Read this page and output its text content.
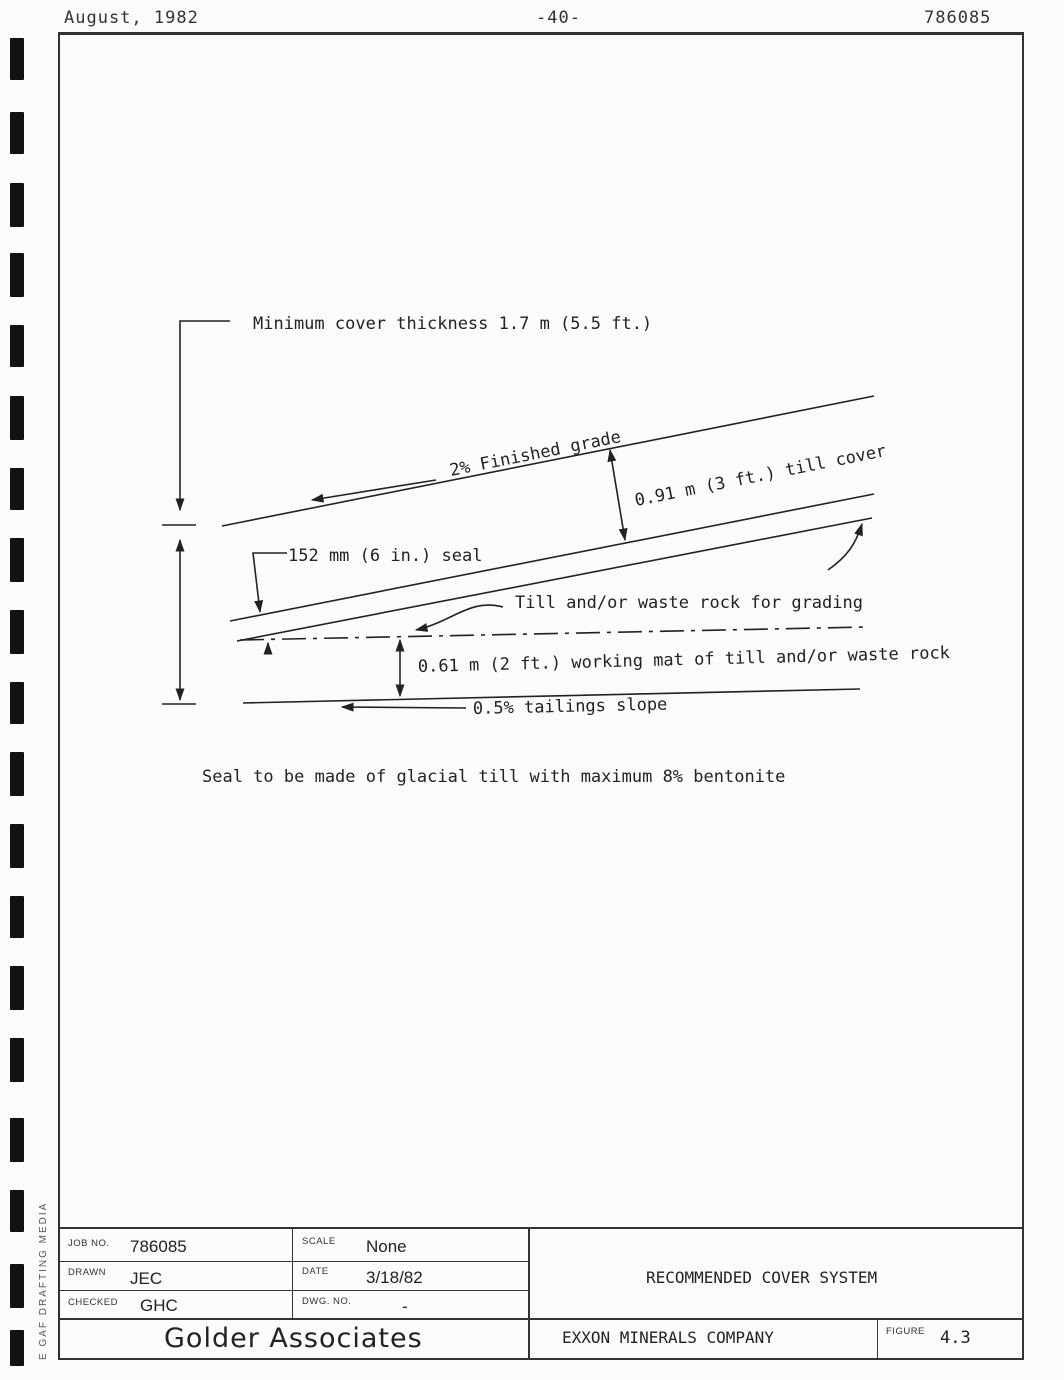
August, 1982	-40-	786085
E GAF DRAFTING MEDIA
Minimum cover thickness 1.7 m (5.5 ft.)
2% Finished grade 0.91 m (3 ft.) till cover
152 mm (6 in.) seal
Till and/or waste rock for grading
0.61 m (2 ft.) working mat of till and/or waste rock
0.5% tailings slope
Seal to be made of glacial till with maximum 8% bentonite
JOB NO. 786085	SCALE None
DRAWN JEC	DATE 3/18/82
CHECKED GHC	DWG. NO.	-
RECOMMENDED COVER SYSTEM
Golder Associates	EXXON MINERALS COMPANY	FIGURE 4.3
